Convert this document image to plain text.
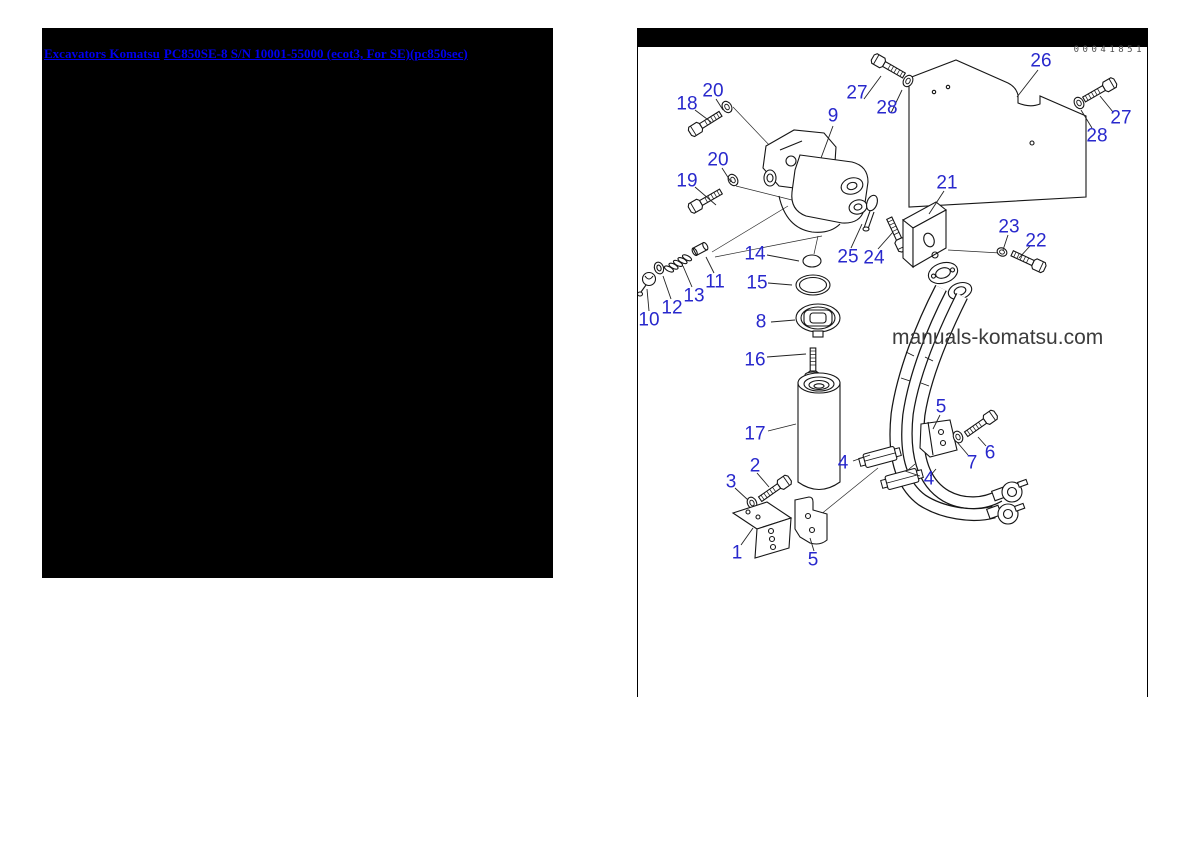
Excavators Komatsu PC850SE-8 S/N 10001-55000 (ecot3, For SE)(pc850sec)	00041851
manuals-komatsu.com
18
20
19
20
9
27
28
26
27
28
21
23
22
14	25 24
11
13
12
10
15
8
16
17
5
6
7
4
4
2
3
1	5
